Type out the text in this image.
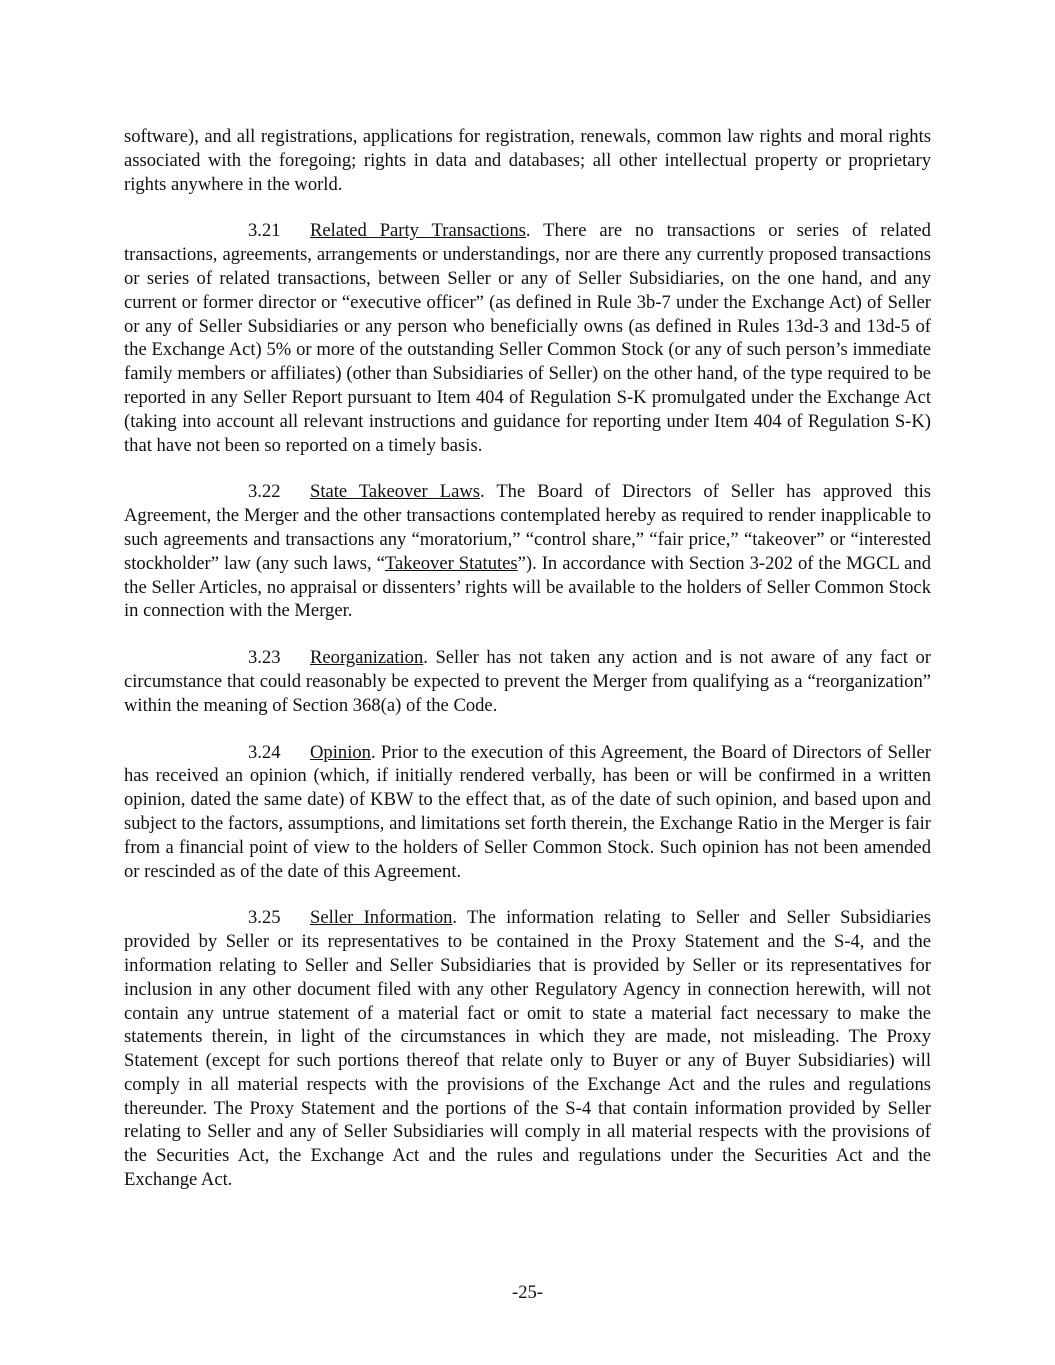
software), and all registrations, applications for registration, renewals, common law rights and moral rights associated with the foregoing; rights in data and databases; all other intellectual property or proprietary rights anywhere in the world.

3.21 Related Party Transactions. There are no transactions or series of related transactions, agreements, arrangements or understandings, nor are there any currently proposed transactions or series of related transactions, between Seller or any of Seller Subsidiaries, on the one hand, and any current or former director or “executive officer” (as defined in Rule 3b-7 under the Exchange Act) of Seller or any of Seller Subsidiaries or any person who beneficially owns (as defined in Rules 13d-3 and 13d-5 of the Exchange Act) 5% or more of the outstanding Seller Common Stock (or any of such person’s immediate family members or affiliates) (other than Subsidiaries of Seller) on the other hand, of the type required to be reported in any Seller Report pursuant to Item 404 of Regulation S-K promulgated under the Exchange Act (taking into account all relevant instructions and guidance for reporting under Item 404 of Regulation S-K) that have not been so reported on a timely basis.

3.22 State Takeover Laws. The Board of Directors of Seller has approved this Agreement, the Merger and the other transactions contemplated hereby as required to render inapplicable to such agreements and transactions any “moratorium,” “control share,” “fair price,” “takeover” or “interested stockholder” law (any such laws, “Takeover Statutes”). In accordance with Section 3-202 of the MGCL and the Seller Articles, no appraisal or dissenters’ rights will be available to the holders of Seller Common Stock in connection with the Merger.

3.23 Reorganization. Seller has not taken any action and is not aware of any fact or circumstance that could reasonably be expected to prevent the Merger from qualifying as a “reorganization” within the meaning of Section 368(a) of the Code.

3.24 Opinion. Prior to the execution of this Agreement, the Board of Directors of Seller has received an opinion (which, if initially rendered verbally, has been or will be confirmed in a written opinion, dated the same date) of KBW to the effect that, as of the date of such opinion, and based upon and subject to the factors, assumptions, and limitations set forth therein, the Exchange Ratio in the Merger is fair from a financial point of view to the holders of Seller Common Stock. Such opinion has not been amended or rescinded as of the date of this Agreement.

3.25 Seller Information. The information relating to Seller and Seller Subsidiaries provided by Seller or its representatives to be contained in the Proxy Statement and the S-4, and the information relating to Seller and Seller Subsidiaries that is provided by Seller or its representatives for inclusion in any other document filed with any other Regulatory Agency in connection herewith, will not contain any untrue statement of a material fact or omit to state a material fact necessary to make the statements therein, in light of the circumstances in which they are made, not misleading. The Proxy Statement (except for such portions thereof that relate only to Buyer or any of Buyer Subsidiaries) will comply in all material respects with the provisions of the Exchange Act and the rules and regulations thereunder. The Proxy Statement and the portions of the S-4 that contain information provided by Seller relating to Seller and any of Seller Subsidiaries will comply in all material respects with the provisions of the Securities Act, the Exchange Act and the rules and regulations under the Securities Act and the Exchange Act.

-25-
